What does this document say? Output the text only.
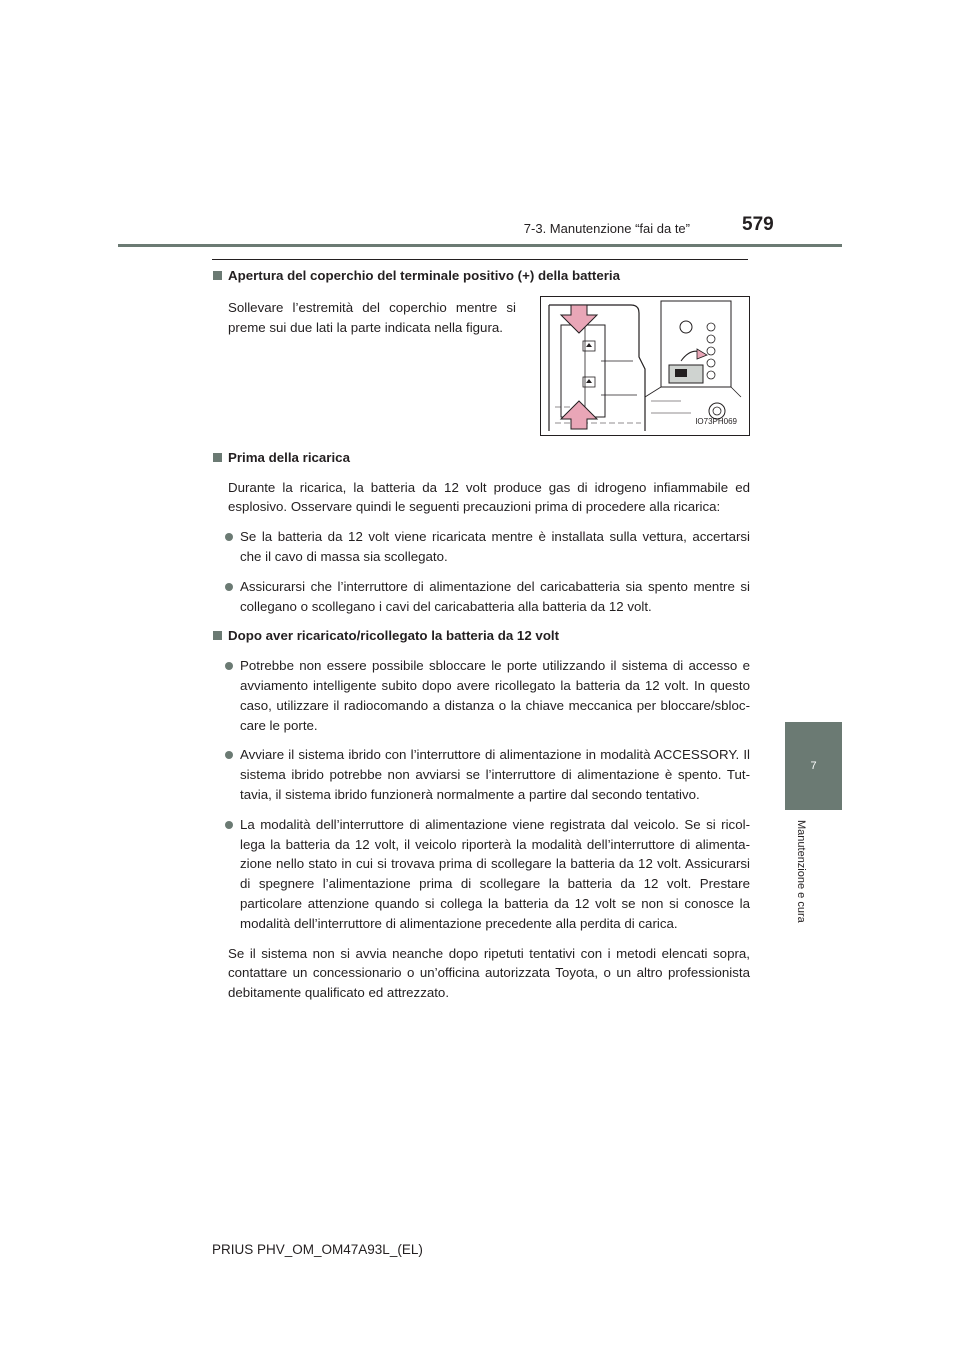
7-3. Manutenzione “fai da te”	579
7
Manutenzione e cura
Apertura del coperchio del terminale positivo (+) della batteria
Sollevare l’estremità del coperchio mentre si preme sui due lati la parte indicata nella figura.
IO73PH069
Prima della ricarica
Durante la ricarica, la batteria da 12 volt produce gas di idrogeno infiammabile ed esplosivo. Osservare quindi le seguenti precauzioni prima di procedere alla ricarica:
Se la batteria da 12 volt viene ricaricata mentre è installata sulla vettura, accertarsi che il cavo di massa sia scollegato.
Assicurarsi che l’interruttore di alimentazione del caricabatteria sia spento mentre si collegano o scollegano i cavi del caricabatteria alla batteria da 12 volt.
Dopo aver ricaricato/ricollegato la batteria da 12 volt
Potrebbe non essere possibile sbloccare le porte utilizzando il sistema di accesso e avviamento intelligente subito dopo avere ricollegato la batteria da 12 volt. In questo caso, utilizzare il radiocomando a distanza o la chiave meccanica per bloccare/sbloccare le porte.
Avviare il sistema ibrido con l’interruttore di alimentazione in modalità ACCESSORY. Il sistema ibrido potrebbe non avviarsi se l’interruttore di alimentazione è spento. Tuttavia, il sistema ibrido funzionerà normalmente a partire dal secondo tentativo.
La modalità dell’interruttore di alimentazione viene registrata dal veicolo. Se si ricollega la batteria da 12 volt, il veicolo riporterà la modalità dell’interruttore di alimentazione nello stato in cui si trovava prima di scollegare la batteria da 12 volt. Assicurarsi di spegnere l’alimentazione prima di scollegare la batteria da 12 volt. Prestare particolare attenzione quando si collega la batteria da 12 volt se non si conosce la modalità dell’interruttore di alimentazione precedente alla perdita di carica.
Se il sistema non si avvia neanche dopo ripetuti tentativi con i metodi elencati sopra, contattare un concessionario o un’officina autorizzata Toyota, o un altro professionista debitamente qualificato ed attrezzato.
PRIUS PHV_OM_OM47A93L_(EL)
